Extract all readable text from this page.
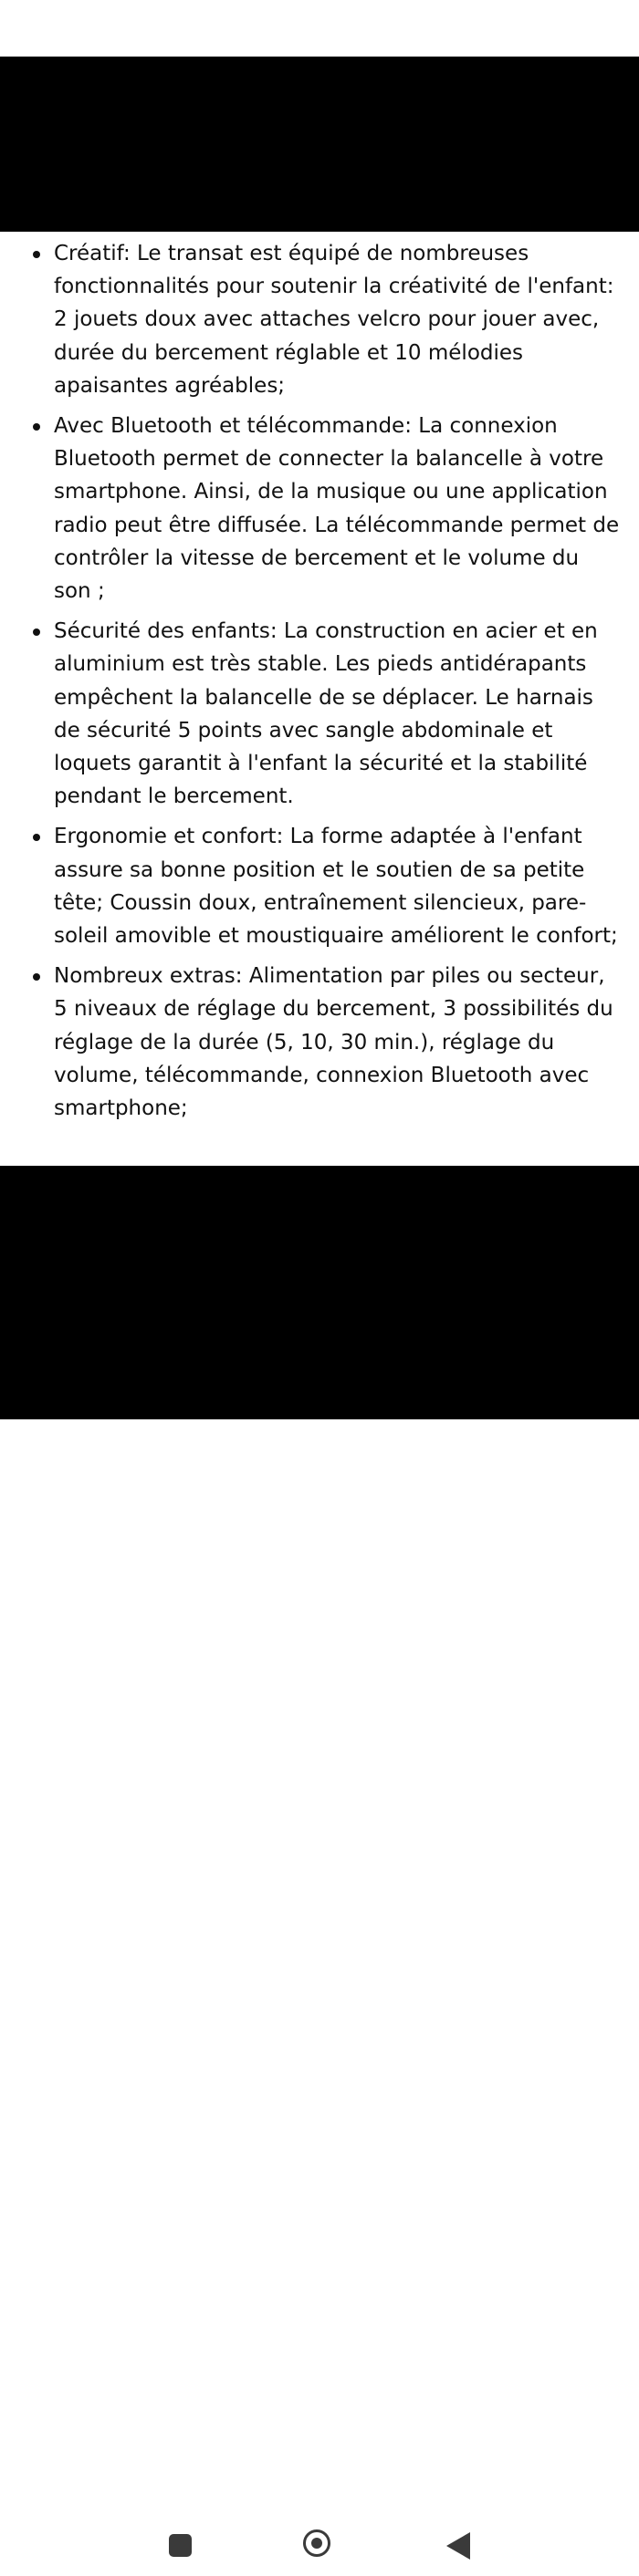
Créatif: Le transat est équipé de nombreuses fonctionnalités pour soutenir la créativité de l'enfant: 2 jouets doux avec attaches velcro pour jouer avec, durée du bercement réglable et 10 mélodies apaisantes agréables;
Avec Bluetooth et télécommande: La connexion Bluetooth permet de connecter la balancelle à votre smartphone. Ainsi, de la musique ou une application radio peut être diffusée. La télécommande permet de contrôler la vitesse de bercement et le volume du son ;
Sécurité des enfants: La construction en acier et en aluminium est très stable. Les pieds antidérapants empêchent la balancelle de se déplacer. Le harnais de sécurité 5 points avec sangle abdominale et loquets garantit à l'enfant la sécurité et la stabilité pendant le bercement.
Ergonomie et confort: La forme adaptée à l'enfant assure sa bonne position et le soutien de sa petite tête; Coussin doux, entraînement silencieux, pare-soleil amovible et moustiquaire améliorent le confort;
Nombreux extras: Alimentation par piles ou secteur, 5 niveaux de réglage du bercement, 3 possibilités du réglage de la durée (5, 10, 30 min.), réglage du volume, télécommande, connexion Bluetooth avec smartphone;
